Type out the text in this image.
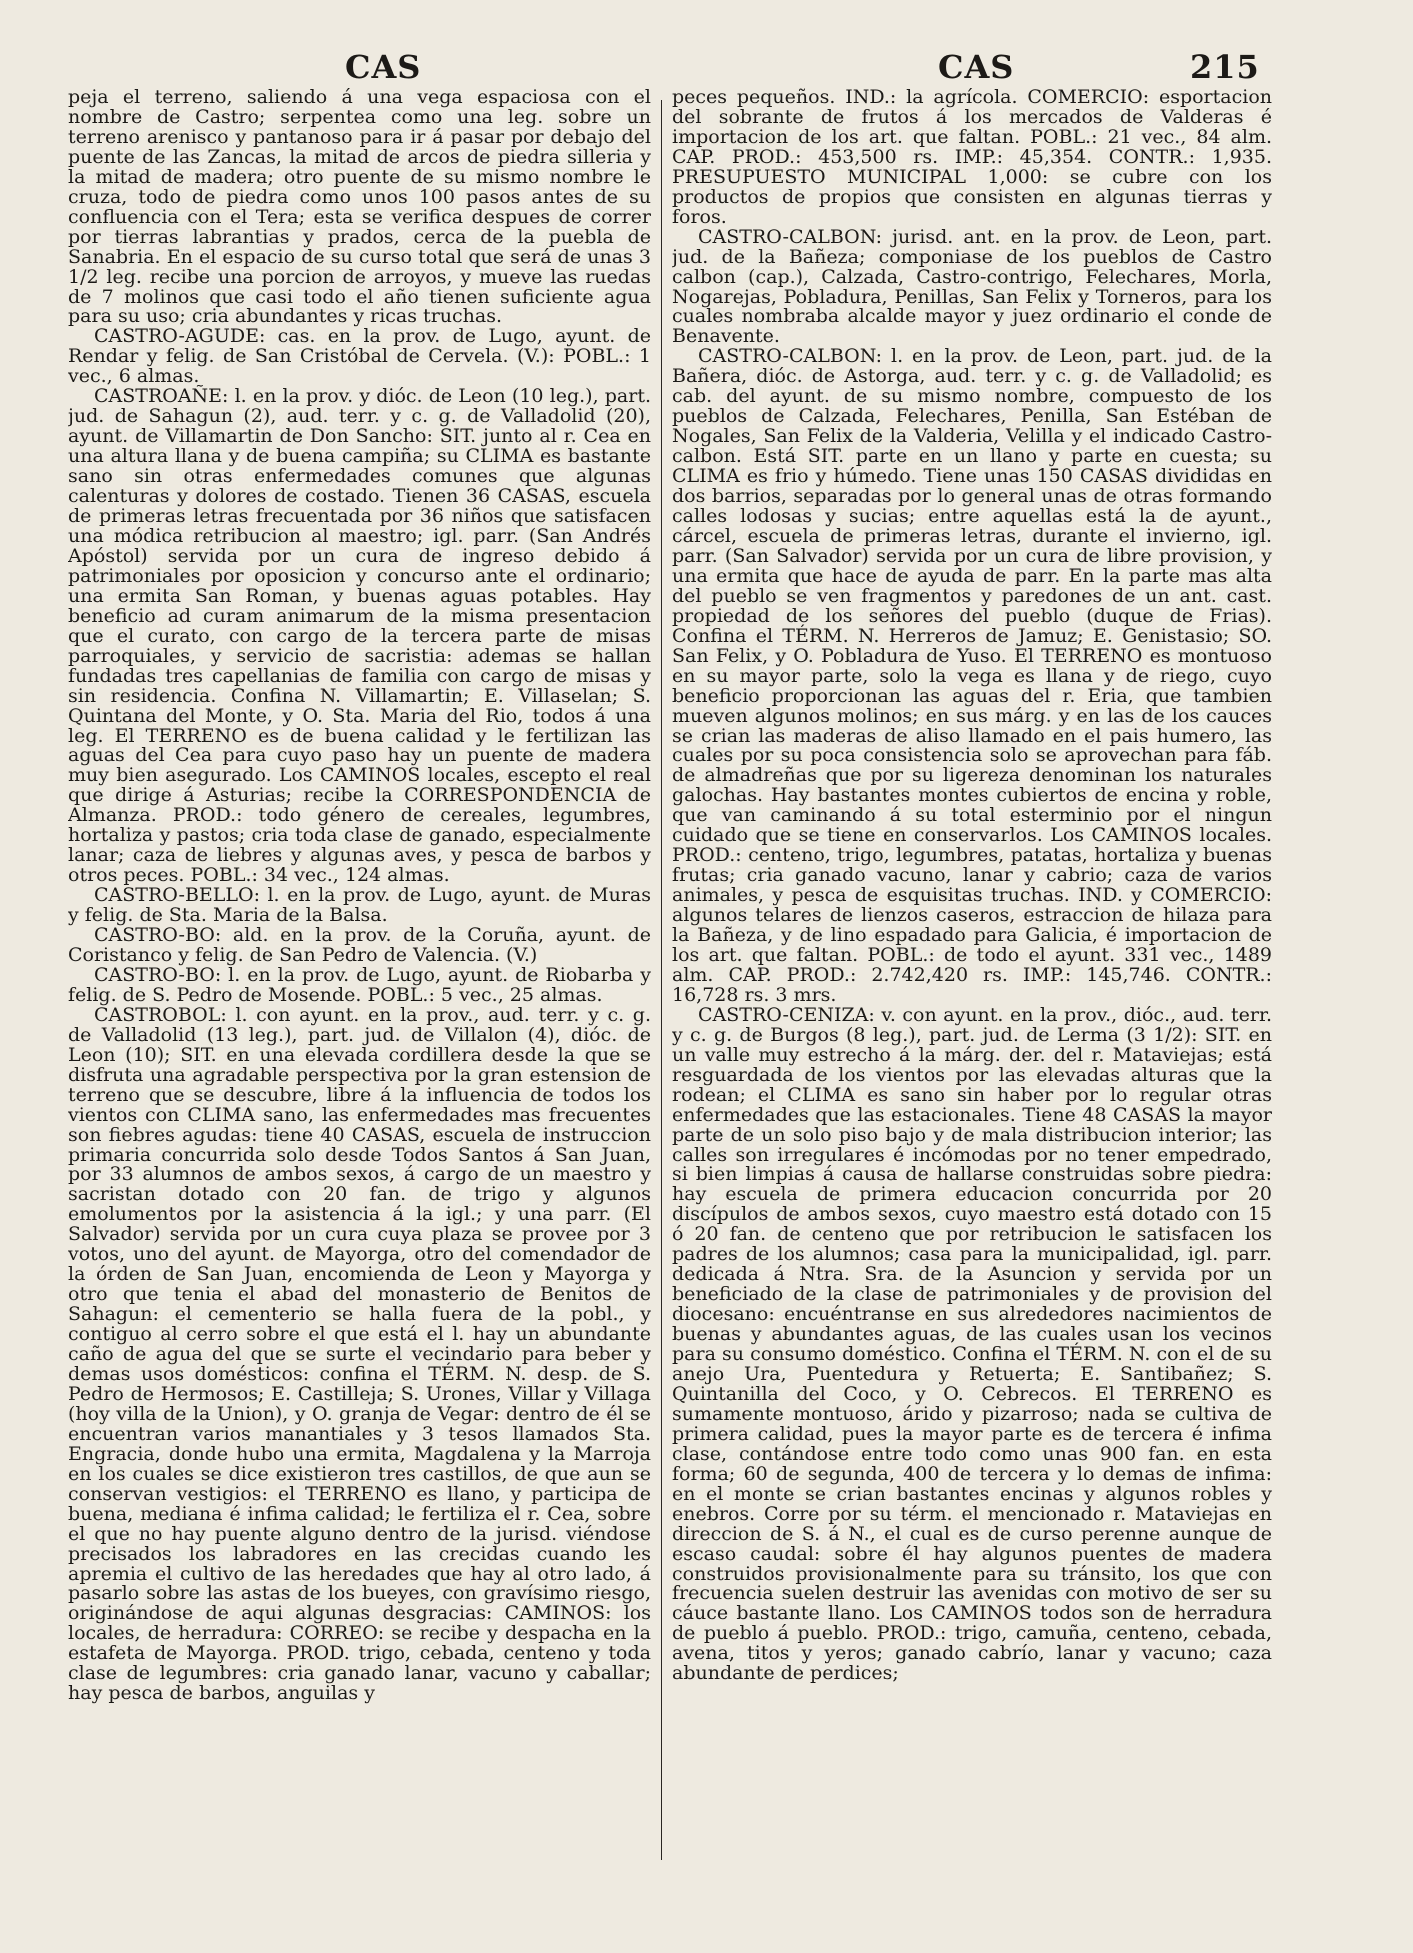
CAS	CAS	215

peja el terreno, saliendo á una vega espaciosa con el nombre de Castro; serpentea como una leg. sobre un terreno arenisco y pantanoso para ir á pasar por debajo del puente de las Zancas, la mitad de arcos de piedra silleria y la mitad de madera; otro puente de su mismo nombre le cruza, todo de piedra como unos 100 pasos antes de su confluencia con el Tera; esta se verifica despues de correr por tierras labrantias y prados, cerca de la puebla de Sanabria. En el espacio de su curso total que será de unas 3 1/2 leg. recibe una porcion de arroyos, y mueve las ruedas de 7 molinos que casi todo el año tienen suficiente agua para su uso; cria abundantes y ricas truchas.

CASTRO-AGUDE: cas. en la prov. de Lugo, ayunt. de Rendar y felig. de San Cristóbal de Cervela. (V.): POBL.: 1 vec., 6 almas.

CASTROAÑE: l. en la prov. y dióc. de Leon (10 leg.), part. jud. de Sahagun (2), aud. terr. y c. g. de Valladolid (20), ayunt. de Villamartin de Don Sancho: SIT. junto al r. Cea en una altura llana y de buena campiña; su CLIMA es bastante sano sin otras enfermedades comunes que algunas calenturas y dolores de costado. Tienen 36 CASAS, escuela de primeras letras frecuentada por 36 niños que satisfacen una módica retribucion al maestro; igl. parr. (San Andrés Apóstol) servida por un cura de ingreso debido á patrimoniales por oposicion y concurso ante el ordinario; una ermita San Roman, y buenas aguas potables. Hay beneficio ad curam animarum de la misma presentacion que el curato, con cargo de la tercera parte de misas parroquiales, y servicio de sacristia: ademas se hallan fundadas tres capellanias de familia con cargo de misas y sin residencia. Confina N. Villamartin; E. Villaselan; S. Quintana del Monte, y O. Sta. Maria del Rio, todos á una leg. El TERRENO es de buena calidad y le fertilizan las aguas del Cea para cuyo paso hay un puente de madera muy bien asegurado. Los CAMINOS locales, escepto el real que dirige á Asturias; recibe la CORRESPONDENCIA de Almanza. PROD.: todo género de cereales, legumbres, hortaliza y pastos; cria toda clase de ganado, especialmente lanar; caza de liebres y algunas aves, y pesca de barbos y otros peces. POBL.: 34 vec., 124 almas.

CASTRO-BELLO: l. en la prov. de Lugo, ayunt. de Muras y felig. de Sta. Maria de la Balsa.

CASTRO-BO: ald. en la prov. de la Coruña, ayunt. de Coristanco y felig. de San Pedro de Valencia. (V.)

CASTRO-BO: l. en la prov. de Lugo, ayunt. de Riobarba y felig. de S. Pedro de Mosende. POBL.: 5 vec., 25 almas.

CASTROBOL: l. con ayunt. en la prov., aud. terr. y c. g. de Valladolid (13 leg.), part. jud. de Villalon (4), dióc. de Leon (10); SIT. en una elevada cordillera desde la que se disfruta una agradable perspectiva por la gran estension de terreno que se descubre, libre á la influencia de todos los vientos con CLIMA sano, las enfermedades mas frecuentes son fiebres agudas: tiene 40 CASAS, escuela de instruccion primaria concurrida solo desde Todos Santos á San Juan, por 33 alumnos de ambos sexos, á cargo de un maestro y sacristan dotado con 20 fan. de trigo y algunos emolumentos por la asistencia á la igl.; y una parr. (El Salvador) servida por un cura cuya plaza se provee por 3 votos, uno del ayunt. de Mayorga, otro del comendador de la órden de San Juan, encomienda de Leon y Mayorga y otro que tenia el abad del monasterio de Benitos de Sahagun: el cementerio se halla fuera de la pobl., y contiguo al cerro sobre el que está el l. hay un abundante caño de agua del que se surte el vecindario para beber y demas usos domésticos: confina el TÉRM. N. desp. de S. Pedro de Hermosos; E. Castilleja; S. Urones, Villar y Villaga (hoy villa de la Union), y O. granja de Vegar: dentro de él se encuentran varios manantiales y 3 tesos llamados Sta. Engracia, donde hubo una ermita, Magdalena y la Marroja en los cuales se dice existieron tres castillos, de que aun se conservan vestigios: el TERRENO es llano, y participa de buena, mediana é infima calidad; le fertiliza el r. Cea, sobre el que no hay puente alguno dentro de la jurisd. viéndose precisados los labradores en las crecidas cuando les apremia el cultivo de las heredades que hay al otro lado, á pasarlo sobre las astas de los bueyes, con gravísimo riesgo, originándose de aqui algunas desgracias: CAMINOS: los locales, de herradura: CORREO: se recibe y despacha en la estafeta de Mayorga. PROD. trigo, cebada, centeno y toda clase de legumbres: cria ganado lanar, vacuno y caballar; hay pesca de barbos, anguilas y

peces pequeños. IND.: la agrícola. COMERCIO: esportacion del sobrante de frutos á los mercados de Valderas é importacion de los art. que faltan. POBL.: 21 vec., 84 alm. CAP. PROD.: 453,500 rs. IMP.: 45,354. CONTR.: 1,935. PRESUPUESTO MUNICIPAL 1,000: se cubre con los productos de propios que consisten en algunas tierras y foros.

CASTRO-CALBON: jurisd. ant. en la prov. de Leon, part. jud. de la Bañeza; componiase de los pueblos de Castro calbon (cap.), Calzada, Castro-contrigo, Felechares, Morla, Nogarejas, Pobladura, Penillas, San Felix y Torneros, para los cuales nombraba alcalde mayor y juez ordinario el conde de Benavente.

CASTRO-CALBON: l. en la prov. de Leon, part. jud. de la Bañera, dióc. de Astorga, aud. terr. y c. g. de Valladolid; es cab. del ayunt. de su mismo nombre, compuesto de los pueblos de Calzada, Felechares, Penilla, San Estéban de Nogales, San Felix de la Valderia, Velilla y el indicado Castro-calbon. Está SIT. parte en un llano y parte en cuesta; su CLIMA es frio y húmedo. Tiene unas 150 CASAS divididas en dos barrios, separadas por lo general unas de otras formando calles lodosas y sucias; entre aquellas está la de ayunt., cárcel, escuela de primeras letras, durante el invierno, igl. parr. (San Salvador) servida por un cura de libre provision, y una ermita que hace de ayuda de parr. En la parte mas alta del pueblo se ven fragmentos y paredones de un ant. cast. propiedad de los señores del pueblo (duque de Frias). Confina el TÉRM. N. Herreros de Jamuz; E. Genistasio; SO. San Felix, y O. Pobladura de Yuso. El TERRENO es montuoso en su mayor parte, solo la vega es llana y de riego, cuyo beneficio proporcionan las aguas del r. Eria, que tambien mueven algunos molinos; en sus márg. y en las de los cauces se crian las maderas de aliso llamado en el pais humero, las cuales por su poca consistencia solo se aprovechan para fáb. de almadreñas que por su ligereza denominan los naturales galochas. Hay bastantes montes cubiertos de encina y roble, que van caminando á su total esterminio por el ningun cuidado que se tiene en conservarlos. Los CAMINOS locales. PROD.: centeno, trigo, legumbres, patatas, hortaliza y buenas frutas; cria ganado vacuno, lanar y cabrio; caza de varios animales, y pesca de esquisitas truchas. IND. y COMERCIO: algunos telares de lienzos caseros, estraccion de hilaza para la Bañeza, y de lino espadado para Galicia, é importacion de los art. que faltan. POBL.: de todo el ayunt. 331 vec., 1489 alm. CAP. PROD.: 2.742,420 rs. IMP.: 145,746. CONTR.: 16,728 rs. 3 mrs.

CASTRO-CENIZA: v. con ayunt. en la prov., dióc., aud. terr. y c. g. de Burgos (8 leg.), part. jud. de Lerma (3 1/2): SIT. en un valle muy estrecho á la márg. der. del r. Mataviejas; está resguardada de los vientos por las elevadas alturas que la rodean; el CLIMA es sano sin haber por lo regular otras enfermedades que las estacionales. Tiene 48 CASAS la mayor parte de un solo piso bajo y de mala distribucion interior; las calles son irregulares é incómodas por no tener empedrado, si bien limpias á causa de hallarse construidas sobre piedra: hay escuela de primera educacion concurrida por 20 discípulos de ambos sexos, cuyo maestro está dotado con 15 ó 20 fan. de centeno que por retribucion le satisfacen los padres de los alumnos; casa para la municipalidad, igl. parr. dedicada á Ntra. Sra. de la Asuncion y servida por un beneficiado de la clase de patrimoniales y de provision del diocesano: encuéntranse en sus alrededores nacimientos de buenas y abundantes aguas, de las cuales usan los vecinos para su consumo doméstico. Confina el TÉRM. N. con el de su anejo Ura, Puentedura y Retuerta; E. Santibañez; S. Quintanilla del Coco, y O. Cebrecos. El TERRENO es sumamente montuoso, árido y pizarroso; nada se cultiva de primera calidad, pues la mayor parte es de tercera é infima clase, contándose entre todo como unas 900 fan. en esta forma; 60 de segunda, 400 de tercera y lo demas de infima: en el monte se crian bastantes encinas y algunos robles y enebros. Corre por su térm. el mencionado r. Mataviejas en direccion de S. á N., el cual es de curso perenne aunque de escaso caudal: sobre él hay algunos puentes de madera construidos provisionalmente para su tránsito, los que con frecuencia suelen destruir las avenidas con motivo de ser su cáuce bastante llano. Los CAMINOS todos son de herradura de pueblo á pueblo. PROD.: trigo, camuña, centeno, cebada, avena, titos y yeros; ganado cabrío, lanar y vacuno; caza abundante de perdices;
